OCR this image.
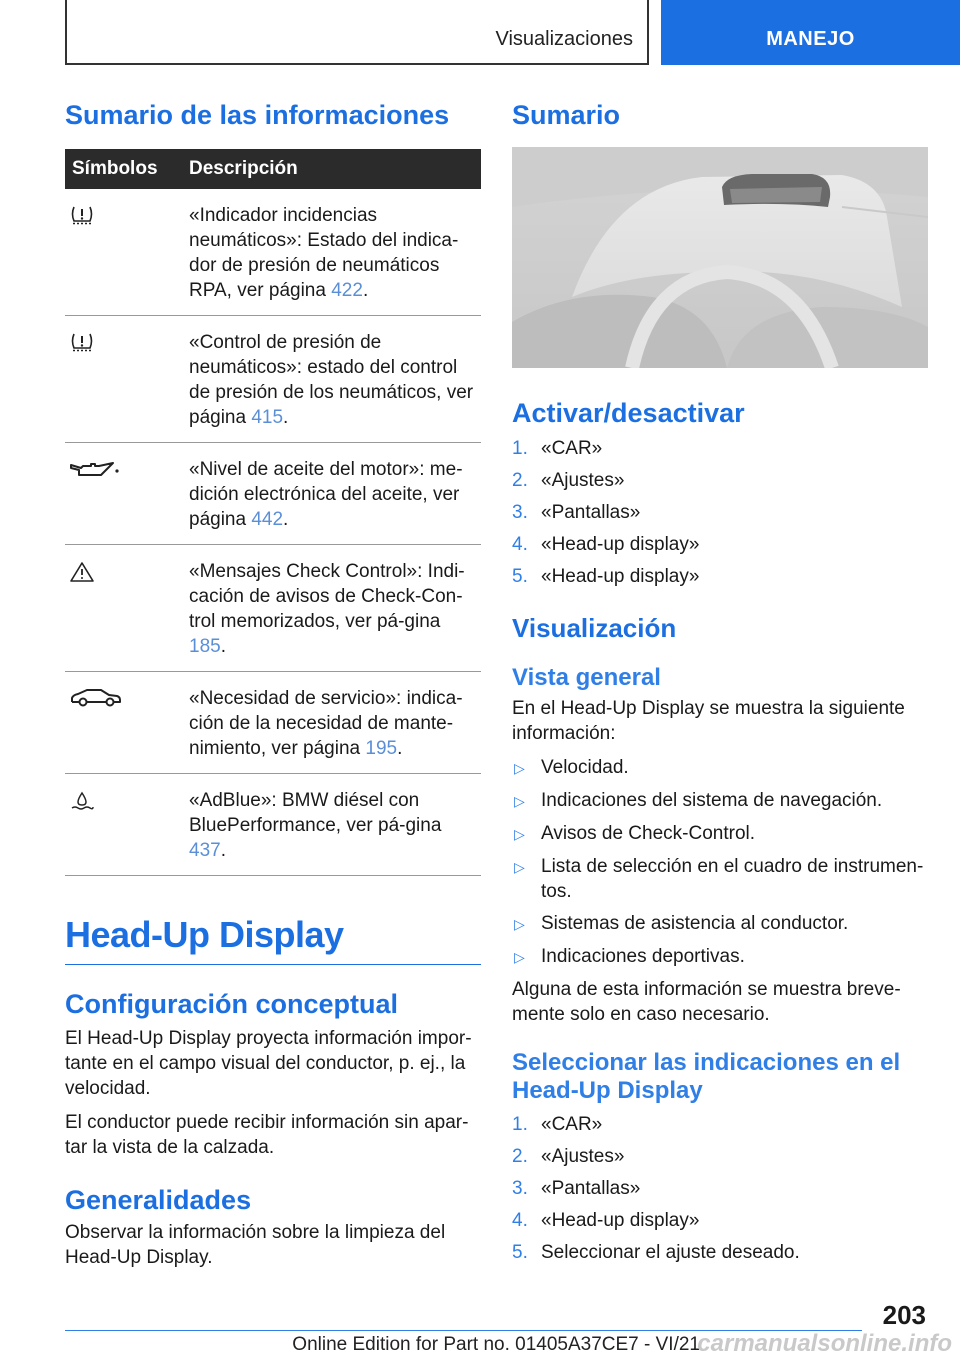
Visualizaciones	MANEJO
Sumario de las informaciones
Símbolos	Descripción

	«Indicador incidencias neumáticos»: Estado del indica-dor de presión de neumáticos RPA, ver página 422.

	«Control de presión de neumáticos»: estado del control de presión de los neumáticos, ver página 415.

	«Nivel de aceite del motor»: me-dición electrónica del aceite, ver página 442.

	«Mensajes Check Control»: Indi-cación de avisos de Check-Con-trol memorizados, ver pá-gina 185.

	«Necesidad de servicio»: indica-ción de la necesidad de mante-nimiento, ver página 195.

	«AdBlue»: BMW diésel con BluePerformance, ver pá-gina 437.
Head-Up Display
Configuración conceptual

El Head-Up Display proyecta información impor-tante en el campo visual del conductor, p. ej., la velocidad.

El conductor puede recibir información sin apar-tar la vista de la calzada.

Generalidades

Observar la información sobre la limpieza del Head-Up Display.

Sumario
Activar/desactivar
1. «CAR»
2. «Ajustes»
3. «Pantallas»
4. «Head-up display»
5. «Head-up display»
Visualización
Vista general

En el Head-Up Display se muestra la siguiente información:

▷ Velocidad.
▷ Indicaciones del sistema de navegación.
▷ Avisos de Check-Control.
▷ Lista de selección en el cuadro de instrumen-tos.
▷ Sistemas de asistencia al conductor.
▷ Indicaciones deportivas.

Alguna de esta información se muestra breve-mente solo en caso necesario.

Seleccionar las indicaciones en el Head-Up Display
1. «CAR»
2. «Ajustes»
3. «Pantallas»
4. «Head-up display»
5. Seleccionar el ajuste deseado.
203
Online Edition for Part no. 01405A37CE7 - VI/21
carmanualsonline.info
